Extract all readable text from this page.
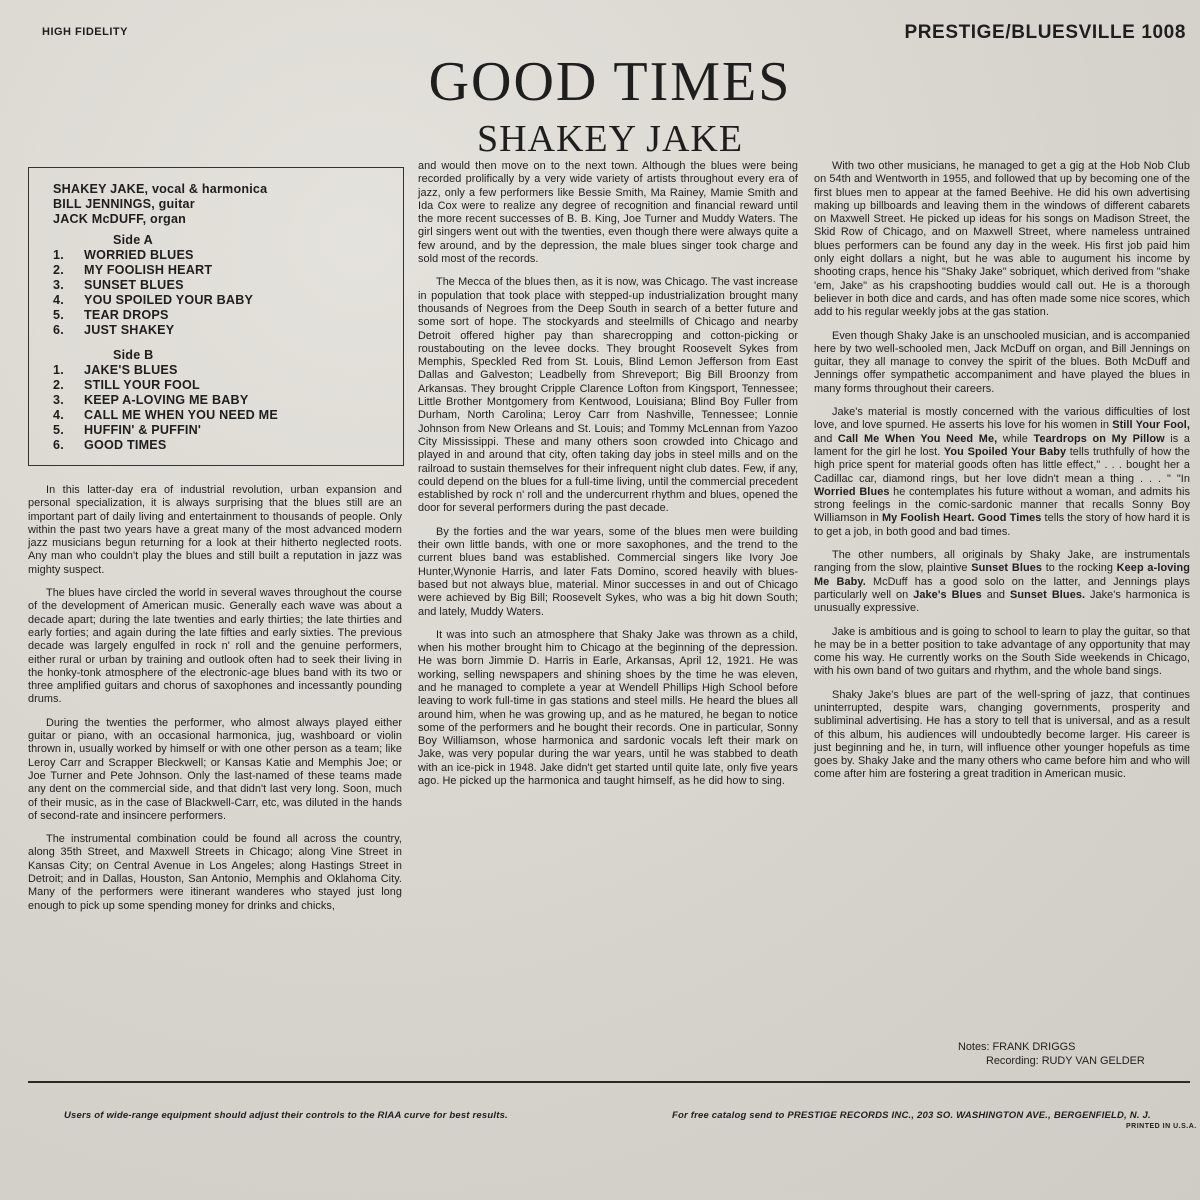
HIGH FIDELITY	PRESTIGE/BLUESVILLE 1008
GOOD TIMES
SHAKEY JAKE
SHAKEY JAKE, vocal & harmonica
BILL JENNINGS, guitar
JACK McDUFF, organ
Side A
1.	WORRIED BLUES
2.	MY FOOLISH HEART
3.	SUNSET BLUES
4.	YOU SPOILED YOUR BABY
5.	TEAR DROPS
6.	JUST SHAKEY
Side B
1.	JAKE'S BLUES
2.	STILL YOUR FOOL
3.	KEEP A-LOVING ME BABY
4.	CALL ME WHEN YOU NEED ME
5.	HUFFIN' & PUFFIN'
6.	GOOD TIMES

In this latter-day era of industrial revolution, urban expansion and personal specialization, it is always surprising that the blues still are an important part of daily living and entertainment to thousands of people. Only within the past two years have a great many of the most advanced modern jazz musicians begun returning for a look at their hitherto neglected roots. Any man who couldn't play the blues and still built a reputation in jazz was mighty suspect.

The blues have circled the world in several waves throughout the course of the development of American music. Generally each wave was about a decade apart; during the late twenties and early thirties; the late thirties and early forties; and again during the late fifties and early sixties. The previous decade was largely engulfed in rock n' roll and the genuine performers, either rural or urban by training and outlook often had to seek their living in the honky-tonk atmosphere of the electronic-age blues band with its two or three amplified guitars and chorus of saxophones and incessantly pounding drums.

During the twenties the performer, who almost always played either guitar or piano, with an occasional harmonica, jug, washboard or violin thrown in, usually worked by himself or with one other person as a team; like Leroy Carr and Scrapper Bleckwell; or Kansas Katie and Memphis Joe; or Joe Turner and Pete Johnson. Only the last-named of these teams made any dent on the commercial side, and that didn't last very long. Soon, much of their music, as in the case of Blackwell-Carr, etc, was diluted in the hands of second-rate and insincere performers.

The instrumental combination could be found all across the country, along 35th Street, and Maxwell Streets in Chicago; along Vine Street in Kansas City; on Central Avenue in Los Angeles; along Hastings Street in Detroit; and in Dallas, Houston, San Antonio, Memphis and Oklahoma City. Many of the performers were itinerant wanderes who stayed just long enough to pick up some spending money for drinks and chicks,

and would then move on to the next town. Although the blues were being recorded prolifically by a very wide variety of artists throughout every era of jazz, only a few performers like Bessie Smith, Ma Rainey, Mamie Smith and Ida Cox were to realize any degree of recognition and financial reward until the more recent successes of B. B. King, Joe Turner and Muddy Waters. The girl singers went out with the twenties, even though there were always quite a few around, and by the depression, the male blues singer took charge and sold most of the records.

The Mecca of the blues then, as it is now, was Chicago. The vast increase in population that took place with stepped-up industrialization brought many thousands of Negroes from the Deep South in search of a better future and some sort of hope. The stockyards and steelmills of Chicago and nearby Detroit offered higher pay than sharecropping and cotton-picking or roustabouting on the levee docks. They brought Roosevelt Sykes from Memphis, Speckled Red from St. Louis, Blind Lemon Jefferson from East Dallas and Galveston; Leadbelly from Shreveport; Big Bill Broonzy from Arkansas. They brought Cripple Clarence Lofton from Kingsport, Tennessee; Little Brother Montgomery from Kentwood, Louisiana; Blind Boy Fuller from Durham, North Carolina; Leroy Carr from Nashville, Tennessee; Lonnie Johnson from New Orleans and St. Louis; and Tommy McLennan from Yazoo City Mississippi. These and many others soon crowded into Chicago and played in and around that city, often taking day jobs in steel mills and on the railroad to sustain themselves for their infrequent night club dates. Few, if any, could depend on the blues for a full-time living, until the commercial precedent established by rock n' roll and the undercurrent rhythm and blues, opened the door for several performers during the past decade.

By the forties and the war years, some of the blues men were building their own little bands, with one or more saxophones, and the trend to the current blues band was established. Commercial singers like Ivory Joe Hunter,Wynonie Harris, and later Fats Domino, scored heavily with blues-based but not always blue, material. Minor successes in and out of Chicago were achieved by Big Bill; Roosevelt Sykes, who was a big hit down South; and lately, Muddy Waters.

It was into such an atmosphere that Shaky Jake was thrown as a child, when his mother brought him to Chicago at the beginning of the depression. He was born Jimmie D. Harris in Earle, Arkansas, April 12, 1921. He was working, selling newspapers and shining shoes by the time he was eleven, and he managed to complete a year at Wendell Phillips High School before leaving to work full-time in gas stations and steel mills. He heard the blues all around him, when he was growing up, and as he matured, he began to notice some of the performers and he bought their records. One in particular, Sonny Boy Williamson, whose harmonica and sardonic vocals left their mark on Jake, was very popular during the war years, until he was stabbed to death with an ice-pick in 1948. Jake didn't get started until quite late, only five years ago. He picked up the harmonica and taught himself, as he did how to sing.

With two other musicians, he managed to get a gig at the Hob Nob Club on 54th and Wentworth in 1955, and followed that up by becoming one of the first blues men to appear at the famed Beehive. He did his own advertising making up billboards and leaving them in the windows of different cabarets on Maxwell Street. He picked up ideas for his songs on Madison Street, the Skid Row of Chicago, and on Maxwell Street, where nameless untrained blues performers can be found any day in the week. His first job paid him only eight dollars a night, but he was able to augument his income by shooting craps, hence his "Shaky Jake" sobriquet, which derived from "shake 'em, Jake" as his crapshooting buddies would call out. He is a thorough believer in both dice and cards, and has often made some nice scores, which add to his regular weekly jobs at the gas station.

Even though Shaky Jake is an unschooled musician, and is accompanied here by two well-schooled men, Jack McDuff on organ, and Bill Jennings on guitar, they all manage to convey the spirit of the blues. Both McDuff and Jennings offer sympathetic accompaniment and have played the blues in many forms throughout their careers.

Jake's material is mostly concerned with the various difficulties of lost love, and love spurned. He asserts his love for his women in Still Your Fool, and Call Me When You Need Me, while Teardrops on My Pillow is a lament for the girl he lost. You Spoiled Your Baby tells truthfully of how the high price spent for material goods often has little effect," . . . bought her a Cadillac car, diamond rings, but her love didn't mean a thing . . . " "In Worried Blues he contemplates his future without a woman, and admits his strong feelings in the comic-sardonic manner that recalls Sonny Boy Williamson in My Foolish Heart. Good Times tells the story of how hard it is to get a job, in both good and bad times.

The other numbers, all originals by Shaky Jake, are instrumentals ranging from the slow, plaintive Sunset Blues to the rocking Keep a-loving Me Baby. McDuff has a good solo on the latter, and Jennings plays particularly well on Jake's Blues and Sunset Blues. Jake's harmonica is unusually expressive.

Jake is ambitious and is going to school to learn to play the guitar, so that he may be in a better position to take advantage of any opportunity that may come his way. He currently works on the South Side weekends in Chicago, with his own band of two guitars and rhythm, and the whole band sings.

Shaky Jake's blues are part of the well-spring of jazz, that continues uninterrupted, despite wars, changing governments, prosperity and subliminal advertising. He has a story to tell that is universal, and as a result of this album, his audiences will undoubtedly become larger. His career is just beginning and he, in turn, will influence other younger hopefuls as time goes by. Shaky Jake and the many others who came before him and who will come after him are fostering a great tradition in American music.

Notes: FRANK DRIGGS
Recording: RUDY VAN GELDER
Users of wide-range equipment should adjust their controls to the RIAA curve for best results.	For free catalog send to PRESTIGE RECORDS INC., 203 SO. WASHINGTON AVE., BERGENFIELD, N. J.
PRINTED IN U.S.A.
